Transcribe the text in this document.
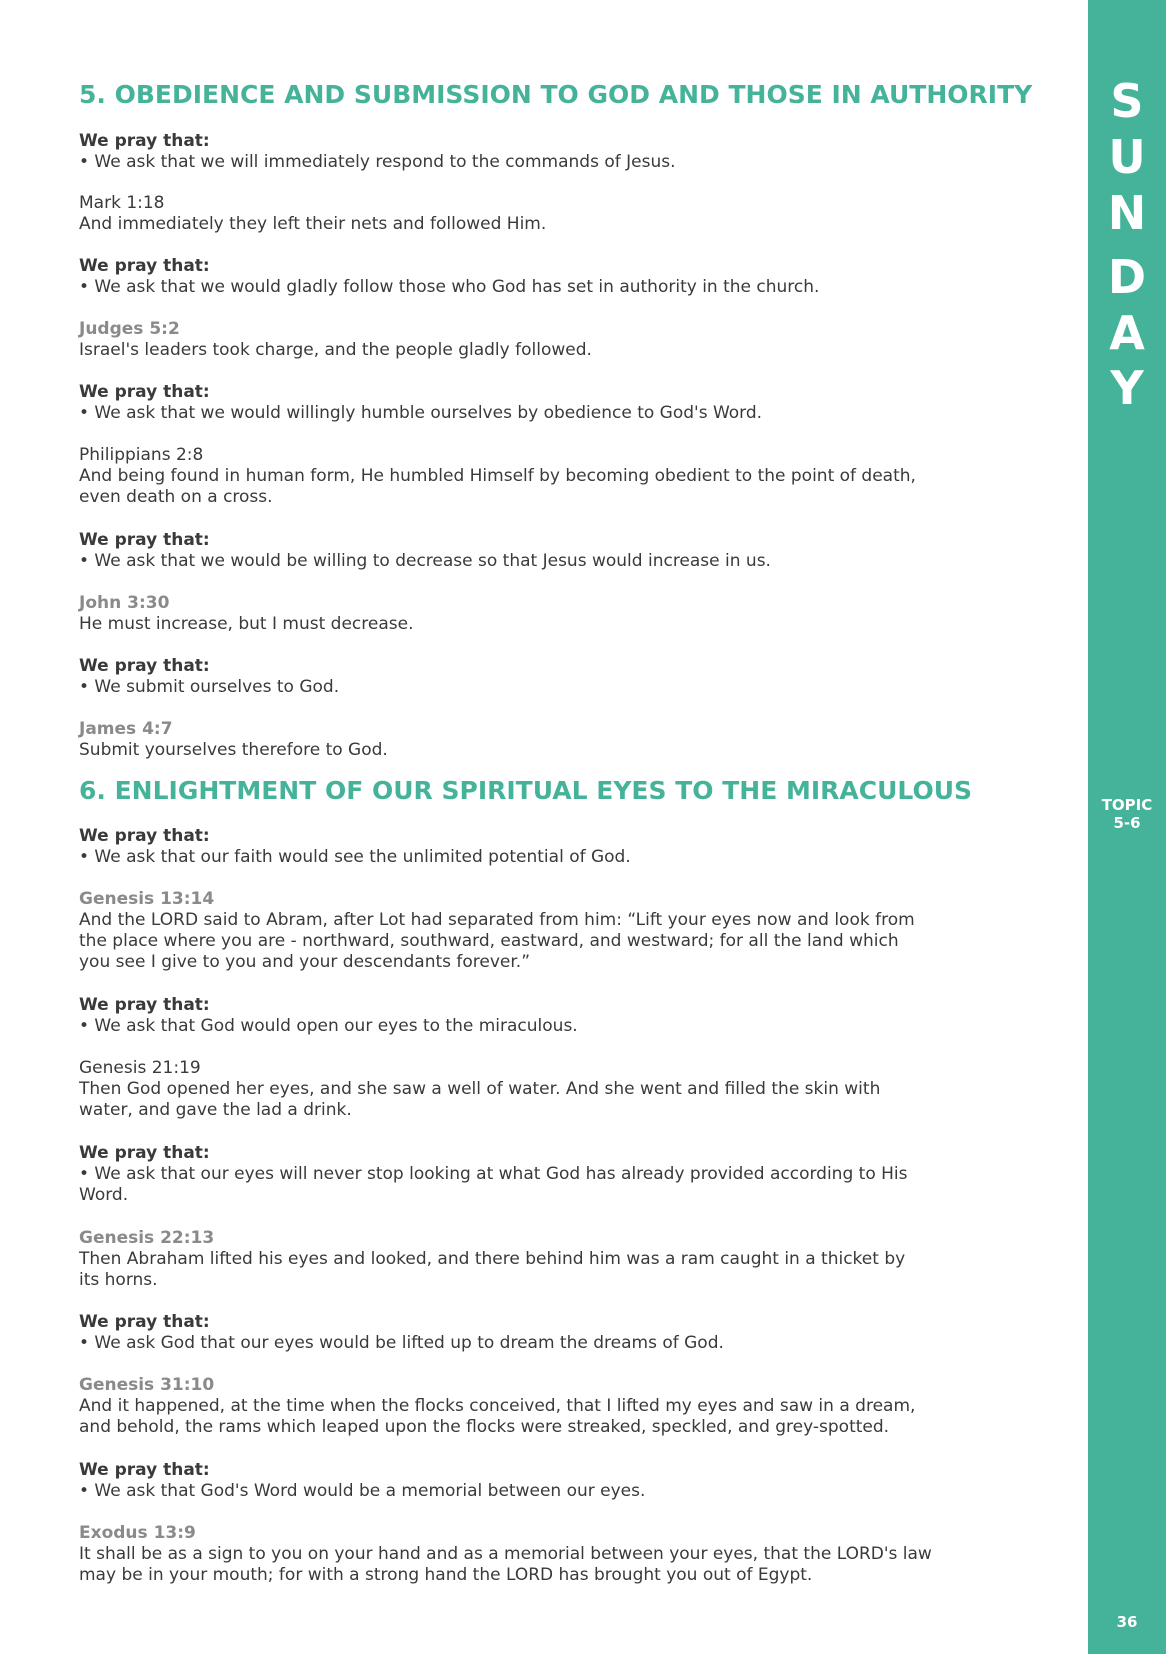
S
U
N
D
A
Y
TOPIC
5-6
36
5. OBEDIENCE AND SUBMISSION TO GOD AND THOSE IN AUTHORITY
We pray that:
• We ask that we will immediately respond to the commands of Jesus.
Mark 1:18
And immediately they left their nets and followed Him.
We pray that:
• We ask that we would gladly follow those who God has set in authority in the church.
Judges 5:2
Israel's leaders took charge, and the people gladly followed.
We pray that:
• We ask that we would willingly humble ourselves by obedience to God's Word.
Philippians 2:8
And being found in human form, He humbled Himself by becoming obedient to the point of death,
even death on a cross.
We pray that:
• We ask that we would be willing to decrease so that Jesus would increase in us.
John 3:30
He must increase, but I must decrease.
We pray that:
• We submit ourselves to God.
James 4:7
Submit yourselves therefore to God.
6. ENLIGHTMENT OF OUR SPIRITUAL EYES TO THE MIRACULOUS
We pray that:
• We ask that our faith would see the unlimited potential of God.
Genesis 13:14
And the LORD said to Abram, after Lot had separated from him: “Lift your eyes now and look from
the place where you are - northward, southward, eastward, and westward; for all the land which
you see I give to you and your descendants forever.”
We pray that:
• We ask that God would open our eyes to the miraculous.
Genesis 21:19
Then God opened her eyes, and she saw a well of water. And she went and filled the skin with
water, and gave the lad a drink.
We pray that:
• We ask that our eyes will never stop looking at what God has already provided according to His
Word.
Genesis 22:13
Then Abraham lifted his eyes and looked, and there behind him was a ram caught in a thicket by
its horns.
We pray that:
• We ask God that our eyes would be lifted up to dream the dreams of God.
Genesis 31:10
And it happened, at the time when the flocks conceived, that I lifted my eyes and saw in a dream,
and behold, the rams which leaped upon the flocks were streaked, speckled, and grey-spotted.
We pray that:
• We ask that God's Word would be a memorial between our eyes.
Exodus 13:9
It shall be as a sign to you on your hand and as a memorial between your eyes, that the LORD's law
may be in your mouth; for with a strong hand the LORD has brought you out of Egypt.
